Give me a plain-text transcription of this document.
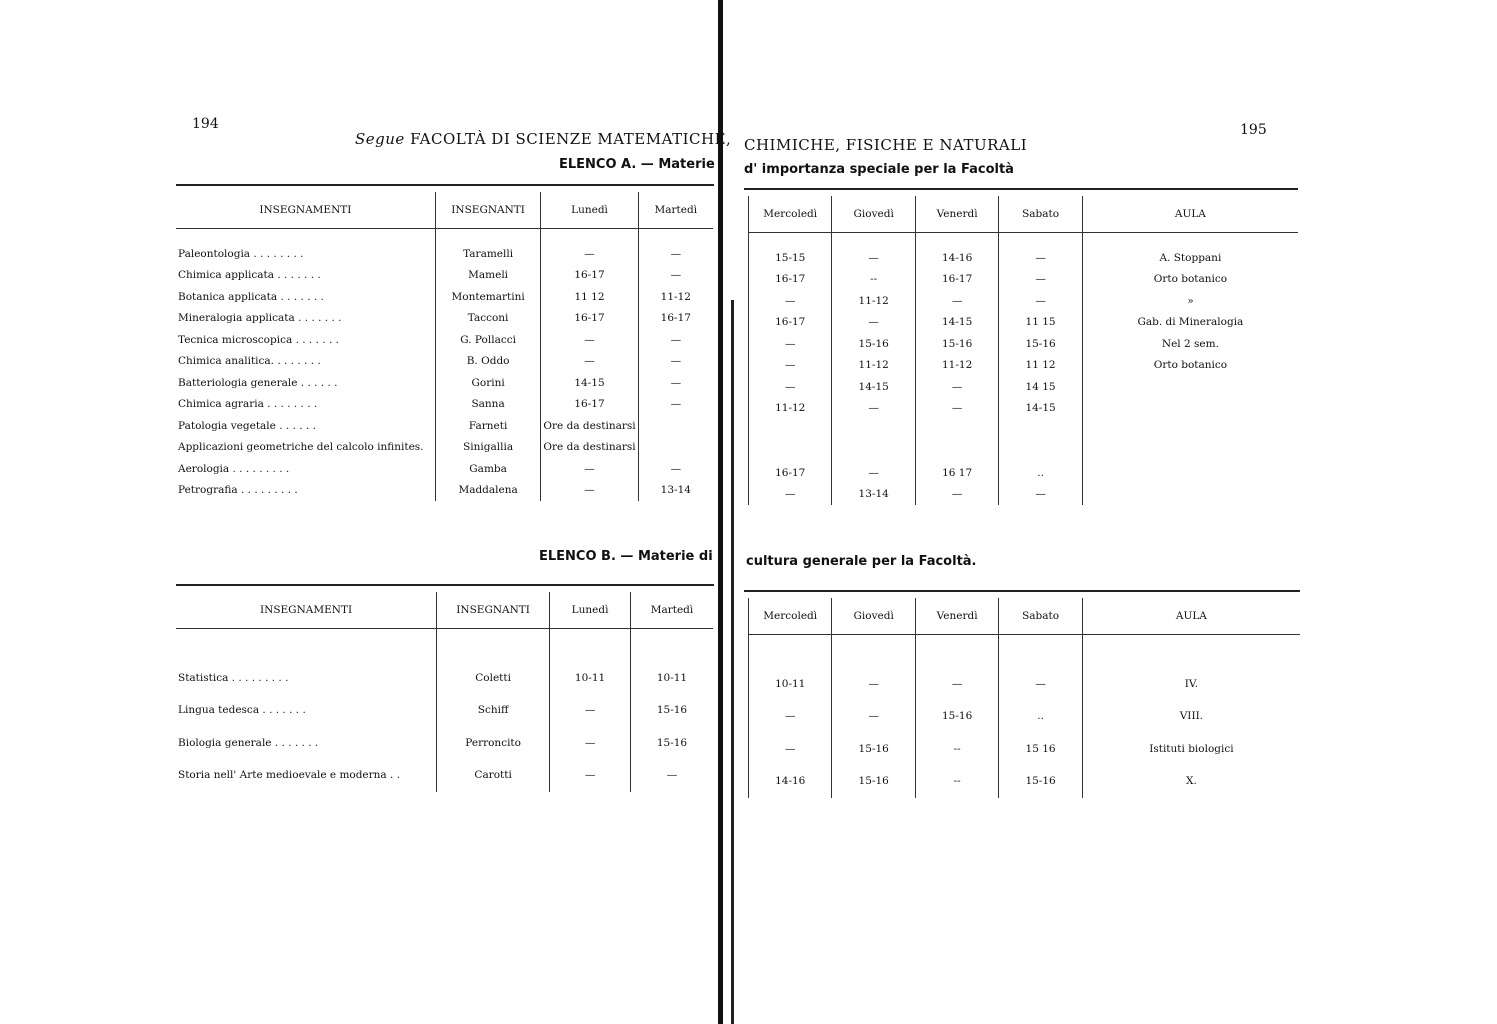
194
Segue FACOLTÀ DI SCIENZE MATEMATICHE,
ELENCO A. — Materie
INSEGNAMENTI	INSEGNANTI	Lunedì	Martedì

Paleontologia . . . . . . . .	Taramelli	—	—
Chimica applicata . . . . . . .	Mameli	16-17	—
Botanica applicata . . . . . . .	Montemartini	11 12	11-12
Mineralogia applicata . . . . . . .	Tacconi	16-17	16-17
Tecnica microscopica . . . . . . .	G. Pollacci	—	—
Chimica analitica. . . . . . . .	B. Oddo	—	—
Batteriologia generale . . . . . .	Gorini	14-15	—
Chimica agraria . . . . . . . .	Sanna	16-17	—
Patologia vegetale . . . . . .	Farneti	Ore da destinarsi	
Applicazioni geometriche del calcolo infinites.	Sinigallia	Ore da destinarsi	
Aerologia . . . . . . . . .	Gamba	—	—
Petrografia . . . . . . . . .	Maddalena	—	13-14
ELENCO B. — Materie di
INSEGNAMENTI	INSEGNANTI	Lunedì	Martedì

Statistica . . . . . . . . .	Coletti	10-11	10-11
Lingua tedesca . . . . . . .	Schiff	—	15-16
Biologia generale . . . . . . .	Perroncito	—	15-16
Storia nell' Arte medioevale e moderna . .	Carotti	—	—
195
CHIMICHE, FISICHE E NATURALI
d' importanza speciale per la Facoltà
Mercoledì	Giovedì	Venerdì	Sabato	AULA

15-15	—	14-16	—	A. Stoppani
16-17	--	16-17	—	Orto botanico
—	11-12	—	—	»
16-17	—	14-15	11 15	Gab. di Mineralogia
—	15-16	15-16	15-16	Nel 2 sem.
—	11-12	11-12	11 12	Orto botanico
—	14-15	—	14 15	
11-12	—	—	14-15	

16-17	—	16 17	..	
—	13-14	—	—	
cultura generale per la Facoltà.
Mercoledì	Giovedì	Venerdì	Sabato	AULA

10-11	—	—	—	IV.
—	—	15-16	..	VIII.
—	15-16	--	15 16	Istituti biologici
14-16	15-16	--	15-16	X.
